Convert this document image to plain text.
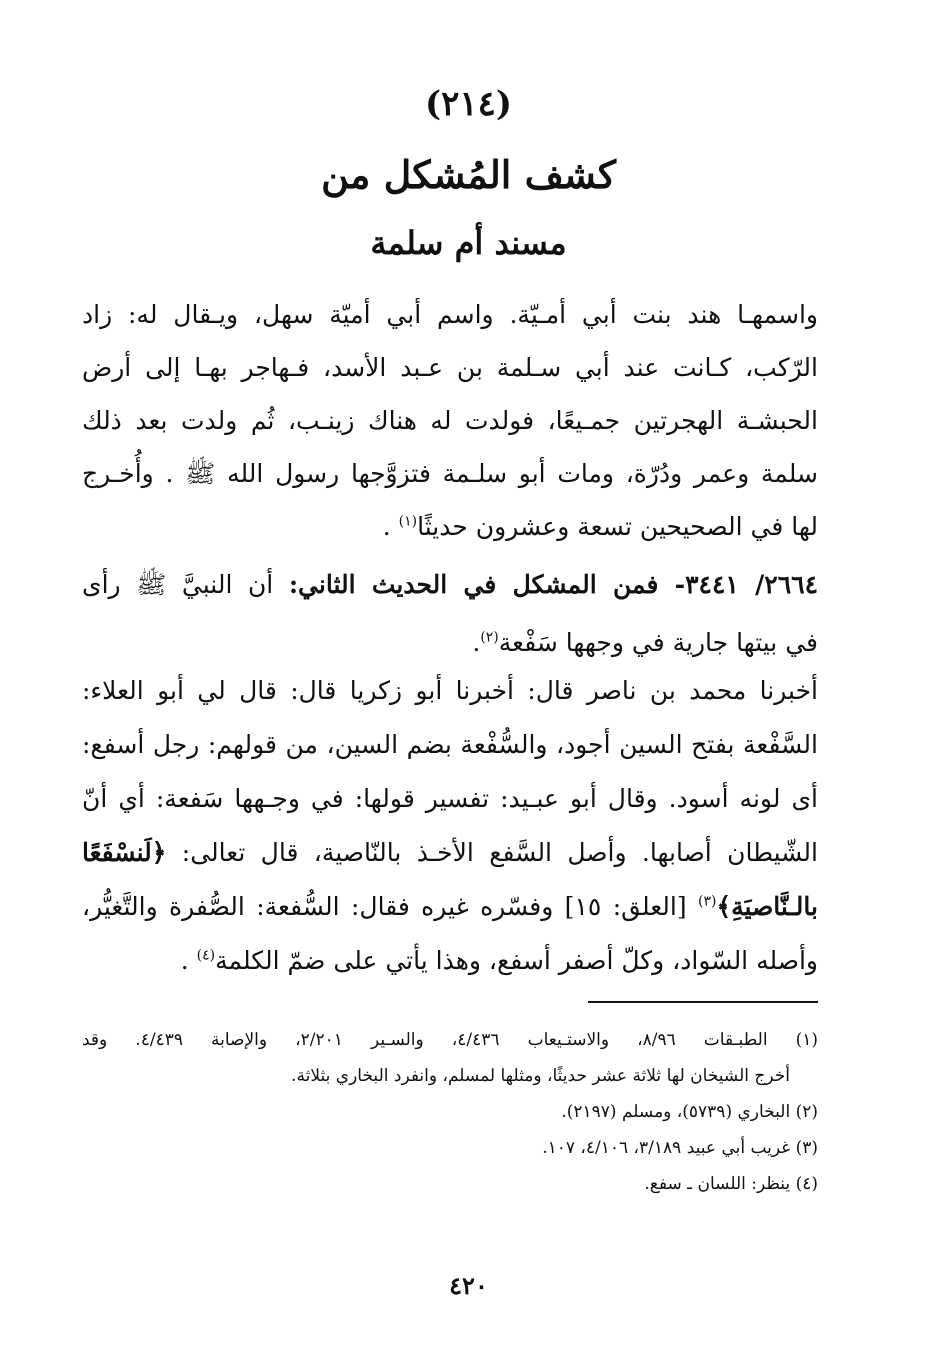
(٢١٤)
كشف المُشكل من
مسند أم سلمة
واسمهـا هند بنت أبي أمـيّة. واسم أبي أميّة سهل، ويـقال له: زاد
الرّكب، كـانت عند أبي سـلمة بن عـبد الأسد، فـهاجر بهـا إلى أرض
الحبشـة الهجرتين جمـيعًا، فولدت له هناك زينـب، ثُم ولدت بعد ذلك
سلمة وعمر ودُرّة، ومات أبو سلـمة فتزوَّجها رسول الله ﷺ . وأُخـرج
لها في الصحيحين تسعة وعشرون حديثًا$^{(١)}$ .
٢٦٦٤/ ٣٤٤١- فمن المشكل في الحديث الثاني: أن النبيَّ ﷺ رأى
في بيتها جارية في وجهها سَفْعة$^{(٢)}$.
أخبرنا محمد بن ناصر قال: أخبرنا أبو زكريا قال: قال لي أبو العلاء:
السَّفْعة بفتح السين أجود، والسُّفْعة بضم السين، من قولهم: رجل أسفع:
أى لونه أسود. وقال أبو عبـيد: تفسير قولها: في وجـهها سَفعة: أي أنّ
الشّيطان أصابها. وأصل السَّفع الأخـذ بالنّاصية، قال تعالى: ﴿لَنسْفَعًا
بالـنَّاصيَةِ﴾$^{(٣)}$ [العلق: ١٥] وفسّره غيره فقال: السُّفعة: الصُّفرة والتَّغيُّر،
وأصله السّواد، وكلّ أصفر أسفع، وهذا يأتي على ضمّ الكلمة$^{(٤)}$ .
(١) الطبـقات ٨/٩٦، والاستـيعاب ٤/٤٣٦، والسـير ٢/٢٠١، والإصابة ٤/٤٣٩. وقد
أخرج الشيخان لها ثلاثة عشر حديثًا، ومثلها لمسلم، وانفرد البخاري بثلاثة.
(٢) البخاري (٥٧٣٩)، ومسلم (٢١٩٧).
(٣) غريب أبي عبيد ٣/١٨٩، ٤/١٠٦، ١٠٧.
(٤) ينظر: اللسان ـ سفع.
٤٢٠
